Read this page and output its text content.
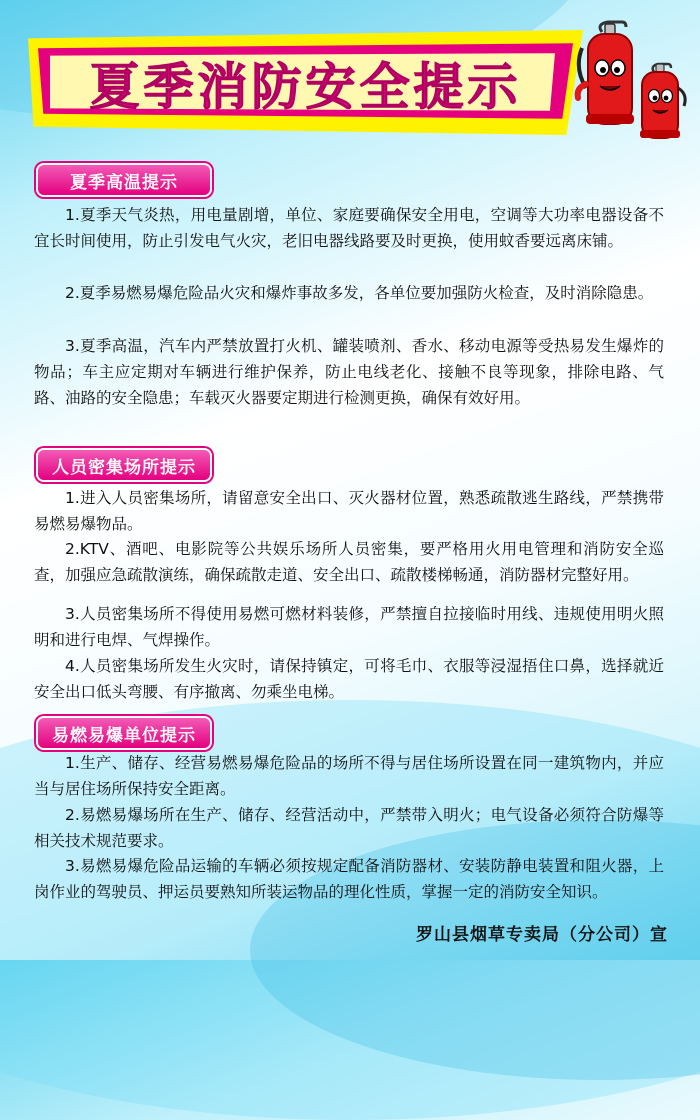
夏季消防安全提示
夏季高温提示
1.夏季天气炎热，用电量剧增，单位、家庭要确保安全用电，空调等大功率电器设备不宜长时间使用，防止引发电气火灾，老旧电器线路要及时更换，使用蚊香要远离床铺。
2.夏季易燃易爆危险品火灾和爆炸事故多发，各单位要加强防火检查，及时消除隐患。
3.夏季高温，汽车内严禁放置打火机、罐装喷剂、香水、移动电源等受热易发生爆炸的物品；车主应定期对车辆进行维护保养，防止电线老化、接触不良等现象，排除电路、气路、油路的安全隐患；车载灭火器要定期进行检测更换，确保有效好用。
人员密集场所提示
1.进入人员密集场所，请留意安全出口、灭火器材位置，熟悉疏散逃生路线，严禁携带易燃易爆物品。
2.KTV、酒吧、电影院等公共娱乐场所人员密集，要严格用火用电管理和消防安全巡查，加强应急疏散演练，确保疏散走道、安全出口、疏散楼梯畅通，消防器材完整好用。
3.人员密集场所不得使用易燃可燃材料装修，严禁擅自拉接临时用线、违规使用明火照明和进行电焊、气焊操作。
4.人员密集场所发生火灾时，请保持镇定，可将毛巾、衣服等浸湿捂住口鼻，选择就近安全出口低头弯腰、有序撤离、勿乘坐电梯。
易燃易爆单位提示
1.生产、储存、经营易燃易爆危险品的场所不得与居住场所设置在同一建筑物内，并应当与居住场所保持安全距离。
2.易燃易爆场所在生产、储存、经营活动中，严禁带入明火；电气设备必须符合防爆等相关技术规范要求。
3.易燃易爆危险品运输的车辆必须按规定配备消防器材、安装防静电装置和阻火器，上岗作业的驾驶员、押运员要熟知所装运物品的理化性质，掌握一定的消防安全知识。
罗山县烟草专卖局（分公司）宣
